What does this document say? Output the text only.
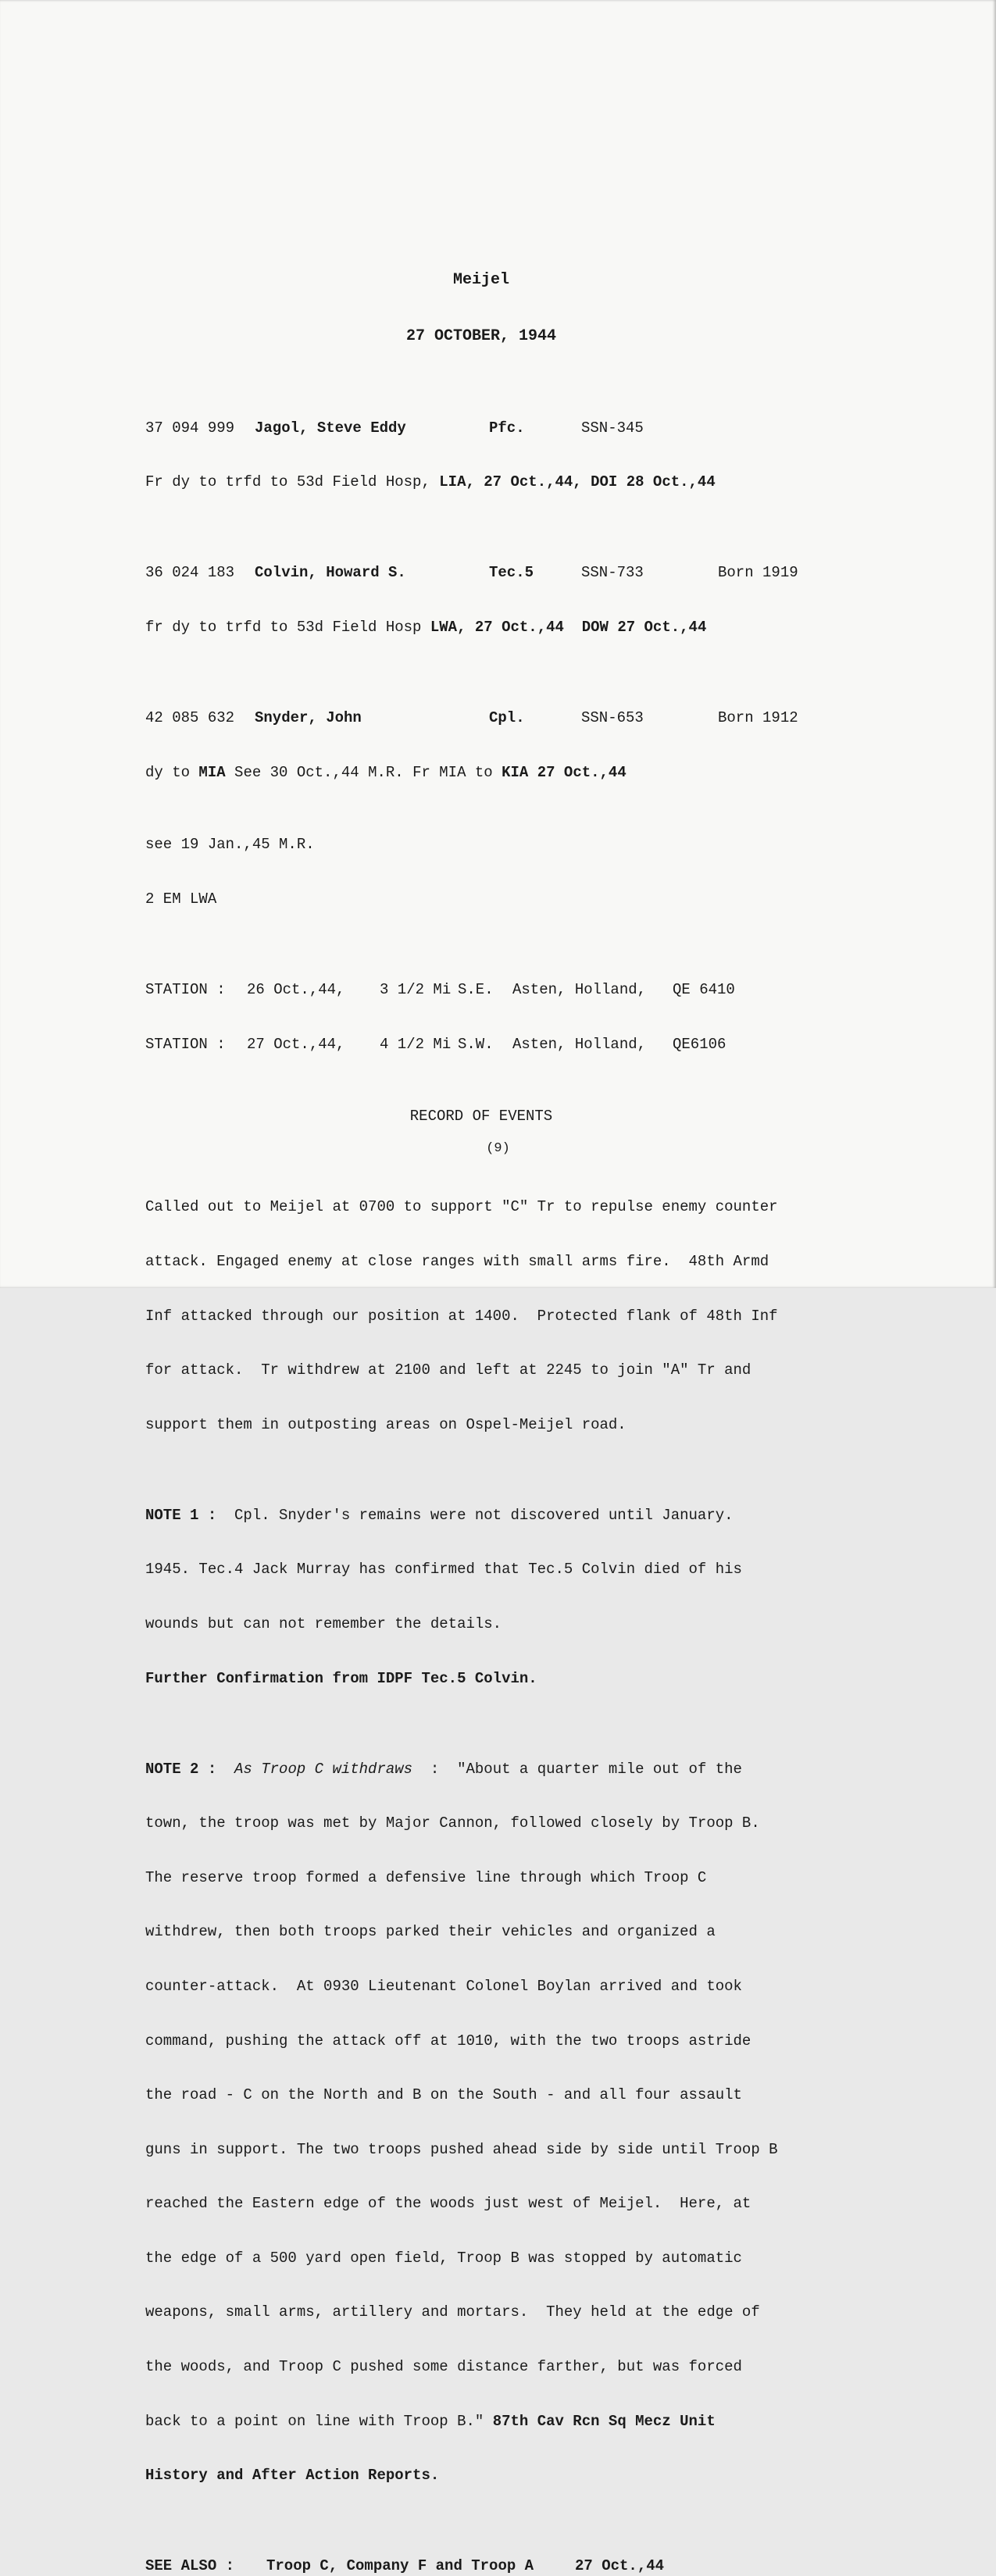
Meijel

27 OCTOBER, 1944

37 094 999 Jagol, Steve Eddy	Pfc.	SSN-345

Fr dy to trfd to 53d Field Hosp, LIA, 27 Oct.,44, DOI 28 Oct.,44

36 024 183 Colvin, Howard S.	Tec.5	SSN-733	Born 1919

fr dy to trfd to 53d Field Hosp LWA, 27 Oct.,44 DOW 27 Oct.,44

42 085 632 Snyder, John	Cpl.	SSN-653	Born 1912

dy to MIA See 30 Oct.,44 M.R. Fr MIA to KIA 27 Oct.,44

see 19 Jan.,45 M.R.

2 EM LWA

STATION : 26 Oct.,44, 3 1/2 Mi S.E. Asten, Holland, QE 6410

STATION : 27 Oct.,44, 4 1/2 Mi S.W. Asten, Holland, QE6106

RECORD OF EVENTS

Called out to Meijel at 0700 to support "C" Tr to repulse enemy counter

attack. Engaged enemy at close ranges with small arms fire.  48th Armd

Inf attacked through our position at 1400.  Protected flank of 48th Inf

for attack.  Tr withdrew at 2100 and left at 2245 to join "A" Tr and

support them in outposting areas on Ospel-Meijel road.

NOTE 1 :  Cpl. Snyder's remains were not discovered until January.

1945. Tec.4 Jack Murray has confirmed that Tec.5 Colvin died of his

wounds but can not remember the details.

Further Confirmation from IDPF Tec.5 Colvin.

NOTE 2 : As Troop C withdraws  :  "About a quarter mile out of the

town, the troop was met by Major Cannon, followed closely by Troop B.

The reserve troop formed a defensive line through which Troop C

withdrew, then both troops parked their vehicles and organized a

counter-attack.  At 0930 Lieutenant Colonel Boylan arrived and took

command, pushing the attack off at 1010, with the two troops astride

the road - C on the North and B on the South - and all four assault

guns in support. The two troops pushed ahead side by side until Troop B

reached the Eastern edge of the woods just west of Meijel.  Here, at

the edge of a 500 yard open field, Troop B was stopped by automatic

weapons, small arms, artillery and mortars.  They held at the edge of

the woods, and Troop C pushed some distance farther, but was forced

back to a point on line with Troop B." 87th Cav Rcn Sq Mecz Unit

History and After Action Reports.

SEE ALSO : Troop C, Company F and Troop A	27 Oct.,44

(9)
